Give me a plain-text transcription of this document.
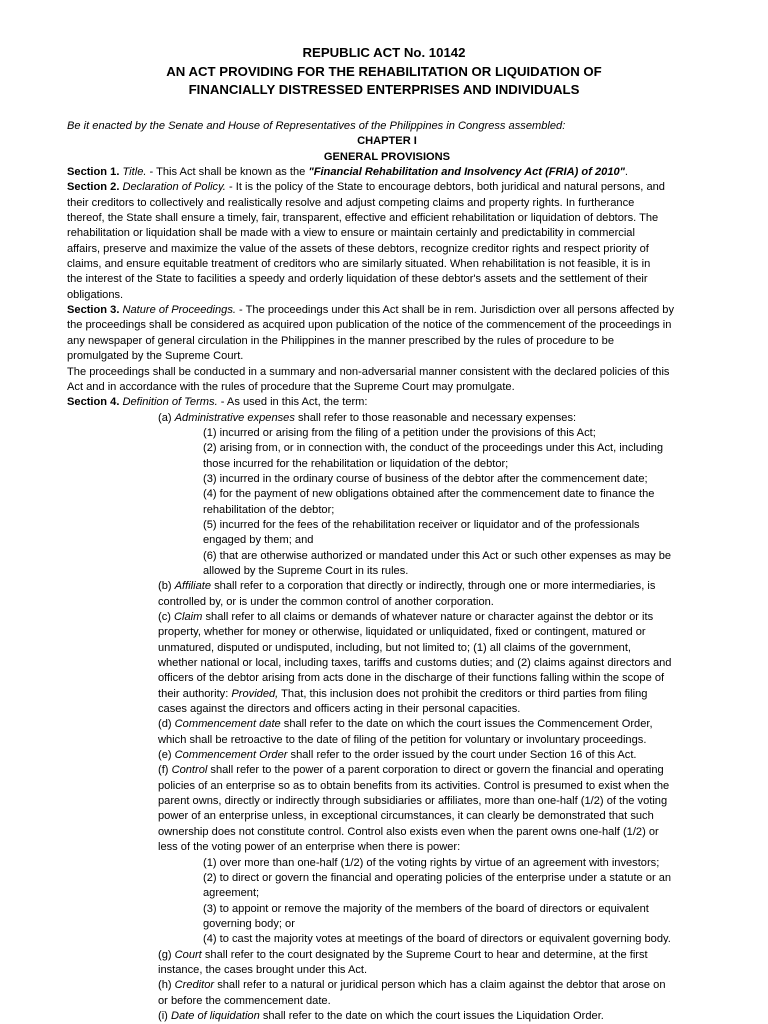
REPUBLIC ACT No. 10142
AN ACT PROVIDING FOR THE REHABILITATION OR LIQUIDATION OF
FINANCIALLY DISTRESSED ENTERPRISES AND INDIVIDUALS
Be it enacted by the Senate and House of Representatives of the Philippines in Congress assembled:
CHAPTER I
GENERAL PROVISIONS
Section 1. Title. - This Act shall be known as the "Financial Rehabilitation and Insolvency Act (FRIA) of 2010".
Section 2. Declaration of Policy. - It is the policy of the State to encourage debtors, both juridical and natural persons, and
their creditors to collectively and realistically resolve and adjust competing claims and property rights. In furtherance
thereof, the State shall ensure a timely, fair, transparent, effective and efficient rehabilitation or liquidation of debtors. The
rehabilitation or liquidation shall be made with a view to ensure or maintain certainly and predictability in commercial
affairs, preserve and maximize the value of the assets of these debtors, recognize creditor rights and respect priority of
claims, and ensure equitable treatment of creditors who are similarly situated. When rehabilitation is not feasible, it is in
the interest of the State to facilities a speedy and orderly liquidation of these debtor's assets and the settlement of their
obligations.
Section 3. Nature of Proceedings. - The proceedings under this Act shall be in rem. Jurisdiction over all persons affected by
the proceedings shall be considered as acquired upon publication of the notice of the commencement of the proceedings in
any newspaper of general circulation in the Philippines in the manner prescribed by the rules of procedure to be
promulgated by the Supreme Court.
The proceedings shall be conducted in a summary and non-adversarial manner consistent with the declared policies of this
Act and in accordance with the rules of procedure that the Supreme Court may promulgate.
Section 4. Definition of Terms. - As used in this Act, the term:
(a) Administrative expenses shall refer to those reasonable and necessary expenses:
(1) incurred or arising from the filing of a petition under the provisions of this Act;
(2) arising from, or in connection with, the conduct of the proceedings under this Act, including
those incurred for the rehabilitation or liquidation of the debtor;
(3) incurred in the ordinary course of business of the debtor after the commencement date;
(4) for the payment of new obligations obtained after the commencement date to finance the
rehabilitation of the debtor;
(5) incurred for the fees of the rehabilitation receiver or liquidator and of the professionals
engaged by them; and
(6) that are otherwise authorized or mandated under this Act or such other expenses as may be
allowed by the Supreme Court in its rules.
(b) Affiliate shall refer to a corporation that directly or indirectly, through one or more intermediaries, is
controlled by, or is under the common control of another corporation.
(c) Claim shall refer to all claims or demands of whatever nature or character against the debtor or its
property, whether for money or otherwise, liquidated or unliquidated, fixed or contingent, matured or
unmatured, disputed or undisputed, including, but not limited to; (1) all claims of the government,
whether national or local, including taxes, tariffs and customs duties; and (2) claims against directors and
officers of the debtor arising from acts done in the discharge of their functions falling within the scope of
their authority: Provided, That, this inclusion does not prohibit the creditors or third parties from filing
cases against the directors and officers acting in their personal capacities.
(d) Commencement date shall refer to the date on which the court issues the Commencement Order,
which shall be retroactive to the date of filing of the petition for voluntary or involuntary proceedings.
(e) Commencement Order shall refer to the order issued by the court under Section 16 of this Act.
(f) Control shall refer to the power of a parent corporation to direct or govern the financial and operating
policies of an enterprise so as to obtain benefits from its activities. Control is presumed to exist when the
parent owns, directly or indirectly through subsidiaries or affiliates, more than one-half (1/2) of the voting
power of an enterprise unless, in exceptional circumstances, it can clearly be demonstrated that such
ownership does not constitute control. Control also exists even when the parent owns one-half (1/2) or
less of the voting power of an enterprise when there is power:
(1) over more than one-half (1/2) of the voting rights by virtue of an agreement with investors;
(2) to direct or govern the financial and operating policies of the enterprise under a statute or an
agreement;
(3) to appoint or remove the majority of the members of the board of directors or equivalent
governing body; or
(4) to cast the majority votes at meetings of the board of directors or equivalent governing body.
(g) Court shall refer to the court designated by the Supreme Court to hear and determine, at the first
instance, the cases brought under this Act.
(h) Creditor shall refer to a natural or juridical person which has a claim against the debtor that arose on
or before the commencement date.
(i) Date of liquidation shall refer to the date on which the court issues the Liquidation Order.
